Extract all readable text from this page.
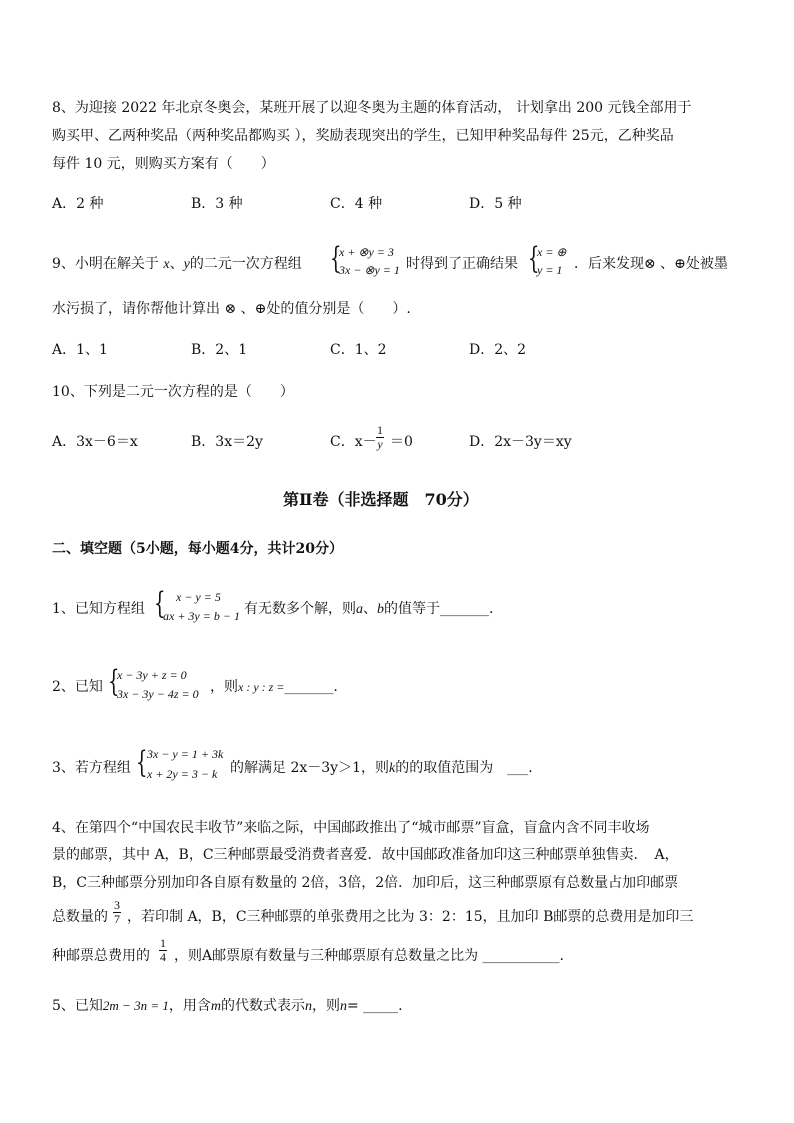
8、为迎接 2022 年北京冬奥会，某班开展了以迎冬奥为主题的体育活动， 计划拿出 200 元钱全部用于
购买甲、乙两种奖品（两种奖品都购买 ），奖励表现突出的学生，已知甲种奖品每件 25元，乙种奖品
每件 10 元，则购买方案有（　　）
A．2 种	B．3 种	C．4 种	D．5 种
9、小明在解关于 x、y的二元一次方程组 {
x + ⊗y = 3
3x − ⊗y = 1 时得到了正确结果 {
x = ⊕
y = 1 ．后来发现⊗ 、⊕处被墨
水污损了，请你帮他计算出 ⊗ 、⊕处的值分别是（　　）.
A．1、1	B．2、1	C．1、2	D．2、2
10、下列是二元一次方程的是（　　）
A．3x－6＝x	B．3x＝2y	C．$x- \frac{1}{y} =0$	D．2x－3y＝xy
第Ⅱ卷（非选择题　70分）
二、填空题（5小题，每小题4分，共计20分）
1、已知方程组 { x − y = 5
ax + 3y = b − 1 有无数多个解，则a、b的值等于_______.
2、已知 {
x − 3y + z = 0
3x − 3y − 4z = 0 ，则x : y : z =_______.
3、若方程组 { 3x − y = 1 + 3k
x + 2y = 3 − k 的解满足 2x－3y＞1，则k的的取值范围为　___.
4、在第四个“中国农民丰收节”来临之际，中国邮政推出了“城市邮票”盲盒，盲盒内含不同丰收场
景的邮票，其中 A，B，C三种邮票最受消费者喜爱．故中国邮政准备加印这三种邮票单独售卖．　A，
B，C三种邮票分别加印各自原有数量的 2倍，3倍，2倍．加印后，这三种邮票原有总数量占加印邮票
总数量的 $\frac{3}{7}$ ，若印制 A，B，C三种邮票的单张费用之比为 3：2：15，且加印 B邮票的总费用是加印三
种邮票总费用的 $\frac{1}{4}$ ，则A邮票原有数量与三种邮票原有总数量之比为 ___________.
5、已知2m − 3n = 1，用含m的代数式表示n，则n= _____.
